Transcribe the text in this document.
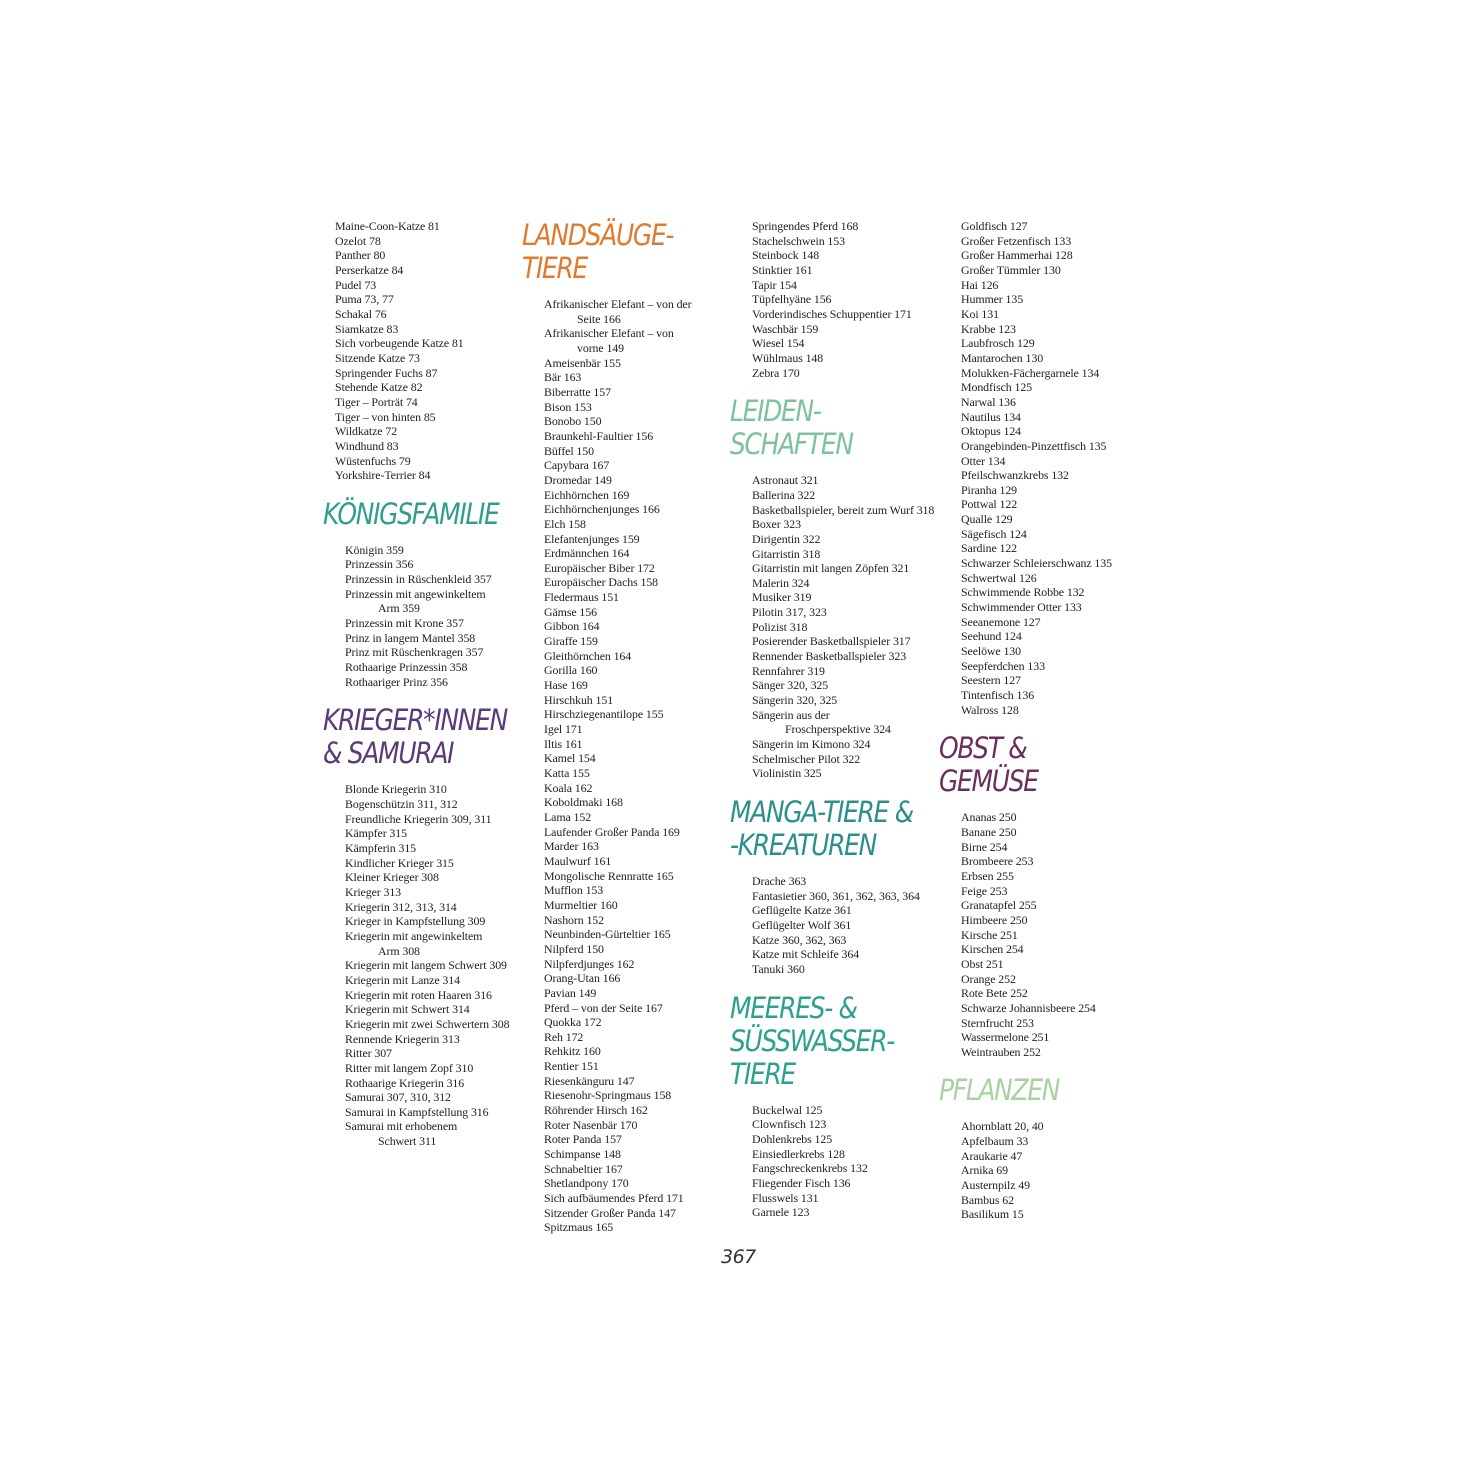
Maine-Coon-Katze 81
Ozelot 78
Panther 80
Perserkatze 84
Pudel 73
Puma 73, 77
Schakal 76
Siamkatze 83
Sich vorbeugende Katze 81
Sitzende Katze 73
Springender Fuchs 87
Stehende Katze 82
Tiger – Porträt 74
Tiger – von hinten 85
Wildkatze 72
Windhund 83
Wüstenfuchs 79
Yorkshire-Terrier 84
KÖNIGSFAMILIE
Königin 359
Prinzessin 356
Prinzessin in Rüschenkleid 357
Prinzessin mit angewinkeltem
Arm 359
Prinzessin mit Krone 357
Prinz in langem Mantel 358
Prinz mit Rüschenkragen 357
Rothaarige Prinzessin 358
Rothaariger Prinz 356
KRIEGER*INNEN
& SAMURAI
Blonde Kriegerin 310
Bogenschützin 311, 312
Freundliche Kriegerin 309, 311
Kämpfer 315
Kämpferin 315
Kindlicher Krieger 315
Kleiner Krieger 308
Krieger 313
Kriegerin 312, 313, 314
Krieger in Kampfstellung 309
Kriegerin mit angewinkeltem
Arm 308
Kriegerin mit langem Schwert 309
Kriegerin mit Lanze 314
Kriegerin mit roten Haaren 316
Kriegerin mit Schwert 314
Kriegerin mit zwei Schwertern 308
Rennende Kriegerin 313
Ritter 307
Ritter mit langem Zopf 310
Rothaarige Kriegerin 316
Samurai 307, 310, 312
Samurai in Kampfstellung 316
Samurai mit erhobenem
Schwert 311
LANDSÄUGE-
TIERE
Afrikanischer Elefant – von der
Seite 166
Afrikanischer Elefant – von
vorne 149
Ameisenbär 155
Bär 163
Biberratte 157
Bison 153
Bonobo 150
Braunkehl-Faultier 156
Büffel 150
Capybara 167
Dromedar 149
Eichhörnchen 169
Eichhörnchenjunges 166
Elch 158
Elefantenjunges 159
Erdmännchen 164
Europäischer Biber 172
Europäischer Dachs 158
Fledermaus 151
Gämse 156
Gibbon 164
Giraffe 159
Gleithörnchen 164
Gorilla 160
Hase 169
Hirschkuh 151
Hirschziegenantilope 155
Igel 171
Iltis 161
Kamel 154
Katta 155
Koala 162
Koboldmaki 168
Lama 152
Laufender Großer Panda 169
Marder 163
Maulwurf 161
Mongolische Rennratte 165
Mufflon 153
Murmeltier 160
Nashorn 152
Neunbinden-Gürteltier 165
Nilpferd 150
Nilpferdjunges 162
Orang-Utan 166
Pavian 149
Pferd – von der Seite 167
Quokka 172
Reh 172
Rehkitz 160
Rentier 151
Riesenkänguru 147
Riesenohr-Springmaus 158
Röhrender Hirsch 162
Roter Nasenbär 170
Roter Panda 157
Schimpanse 148
Schnabeltier 167
Shetlandpony 170
Sich aufbäumendes Pferd 171
Sitzender Großer Panda 147
Spitzmaus 165
Springendes Pferd 168
Stachelschwein 153
Steinbock 148
Stinktier 161
Tapir 154
Tüpfelhyäne 156
Vorderindisches Schuppentier 171
Waschbär 159
Wiesel 154
Wühlmaus 148
Zebra 170
LEIDEN-
SCHAFTEN
Astronaut 321
Ballerina 322
Basketballspieler, bereit zum Wurf 318
Boxer 323
Dirigentin 322
Gitarristin 318
Gitarristin mit langen Zöpfen 321
Malerin 324
Musiker 319
Pilotin 317, 323
Polizist 318
Posierender Basketballspieler 317
Rennender Basketballspieler 323
Rennfahrer 319
Sänger 320, 325
Sängerin 320, 325
Sängerin aus der
Froschperspektive 324
Sängerin im Kimono 324
Schelmischer Pilot 322
Violinistin 325
MANGA-TIERE &
-KREATUREN
Drache 363
Fantasietier 360, 361, 362, 363, 364
Geflügelte Katze 361
Geflügelter Wolf 361
Katze 360, 362, 363
Katze mit Schleife 364
Tanuki 360
MEERES- &
SÜSSWASSER-
TIERE
Buckelwal 125
Clownfisch 123
Dohlenkrebs 125
Einsiedlerkrebs 128
Fangschreckenkrebs 132
Fliegender Fisch 136
Flusswels 131
Garnele 123
Goldfisch 127
Großer Fetzenfisch 133
Großer Hammerhai 128
Großer Tümmler 130
Hai 126
Hummer 135
Koi 131
Krabbe 123
Laubfrosch 129
Mantarochen 130
Molukken-Fächergarnele 134
Mondfisch 125
Narwal 136
Nautilus 134
Oktopus 124
Orangebinden-Pinzettfisch 135
Otter 134
Pfeilschwanzkrebs 132
Piranha 129
Pottwal 122
Qualle 129
Sägefisch 124
Sardine 122
Schwarzer Schleierschwanz 135
Schwertwal 126
Schwimmende Robbe 132
Schwimmender Otter 133
Seeanemone 127
Seehund 124
Seelöwe 130
Seepferdchen 133
Seestern 127
Tintenfisch 136
Walross 128
OBST &
GEMÜSE
Ananas 250
Banane 250
Birne 254
Brombeere 253
Erbsen 255
Feige 253
Granatapfel 255
Himbeere 250
Kirsche 251
Kirschen 254
Obst 251
Orange 252
Rote Bete 252
Schwarze Johannisbeere 254
Sternfrucht 253
Wassermelone 251
Weintrauben 252
PFLANZEN
Ahornblatt 20, 40
Apfelbaum 33
Araukarie 47
Arnika 69
Austernpilz 49
Bambus 62
Basilikum 15
367
